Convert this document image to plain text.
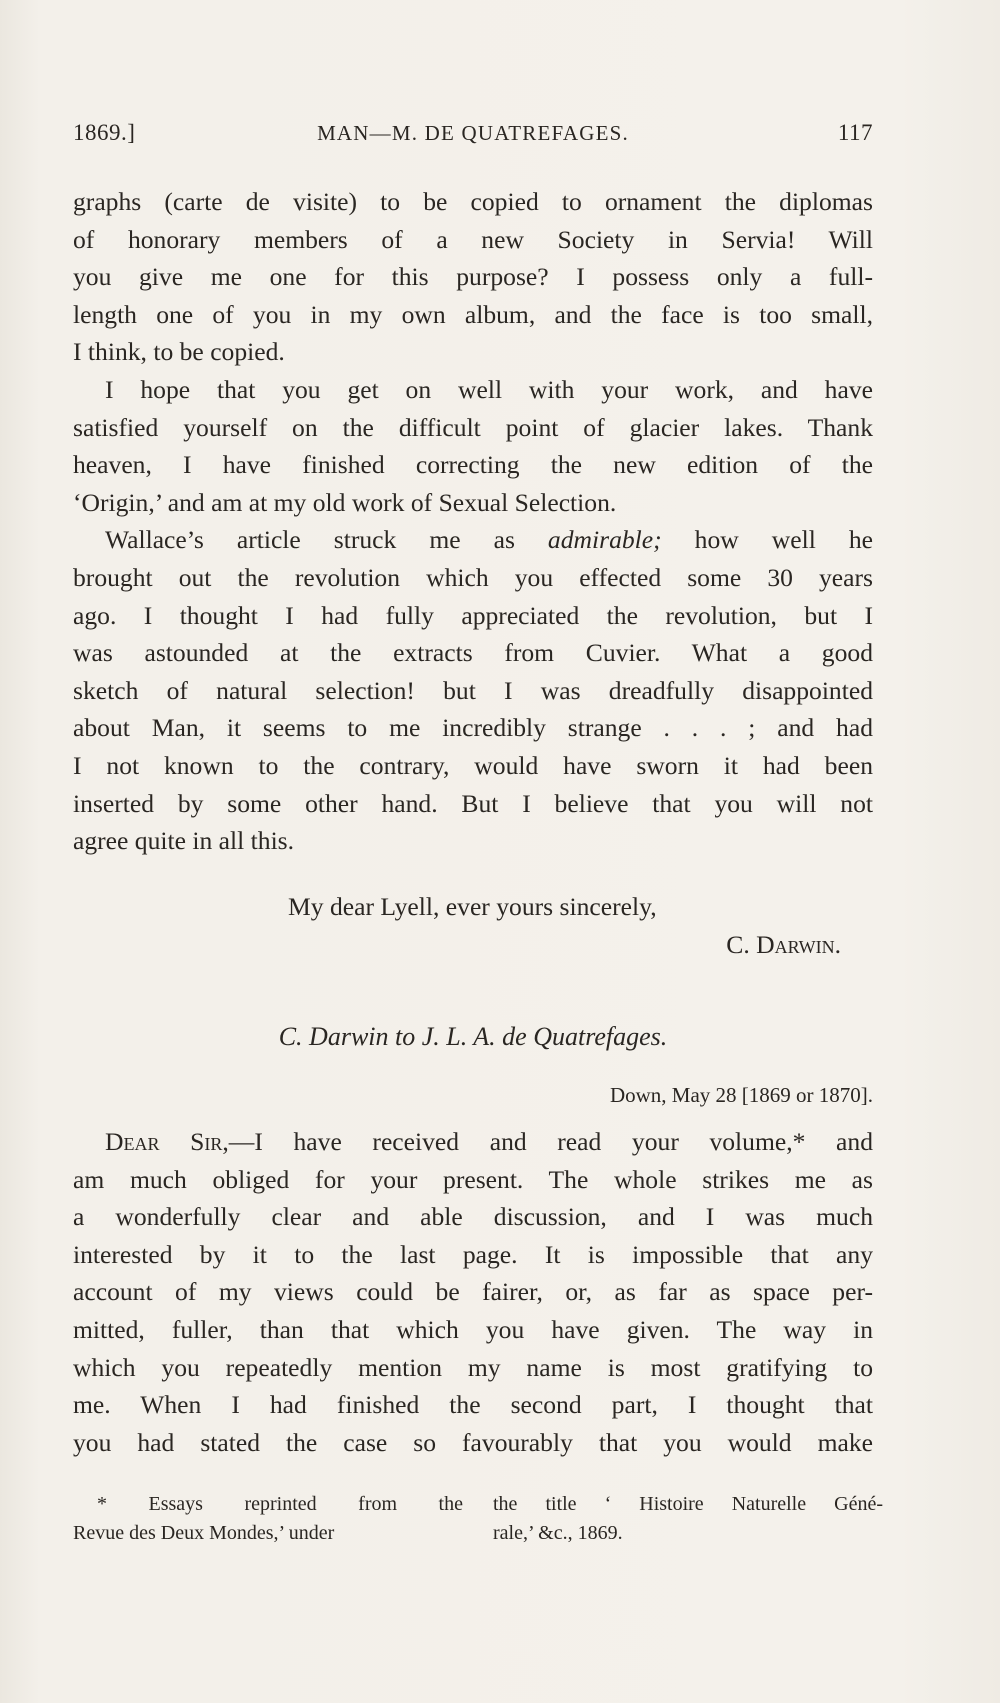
1869.]	MAN—M. DE QUATREFAGES.	117
graphs (carte de visite) to be copied to ornament the diplomas
of honorary members of a new Society in Servia! Will
you give me one for this purpose? I possess only a full-
length one of you in my own album, and the face is too small,
I think, to be copied.
I hope that you get on well with your work, and have
satisfied yourself on the difficult point of glacier lakes. Thank
heaven, I have finished correcting the new edition of the
‘Origin,’ and am at my old work of Sexual Selection.
Wallace’s article struck me as admirable; how well he
brought out the revolution which you effected some 30 years
ago. I thought I had fully appreciated the revolution, but I
was astounded at the extracts from Cuvier. What a good
sketch of natural selection! but I was dreadfully disappointed
about Man, it seems to me incredibly strange . . . ; and had
I not known to the contrary, would have sworn it had been
inserted by some other hand. But I believe that you will not
agree quite in all this.
My dear Lyell, ever yours sincerely,
C. Darwin.
C. Darwin to J. L. A. de Quatrefages.
Down, May 28 [1869 or 1870].
Dear Sir,—I have received and read your volume,* and
am much obliged for your present. The whole strikes me as
a wonderfully clear and able discussion, and I was much
interested by it to the last page. It is impossible that any
account of my views could be fairer, or, as far as space per-
mitted, fuller, than that which you have given. The way in
which you repeatedly mention my name is most gratifying to
me. When I had finished the second part, I thought that
you had stated the case so favourably that you would make
* Essays reprinted from the
Revue des Deux Mondes,’ under
the title ‘ Histoire Naturelle Géné-
rale,’ &c., 1869.
